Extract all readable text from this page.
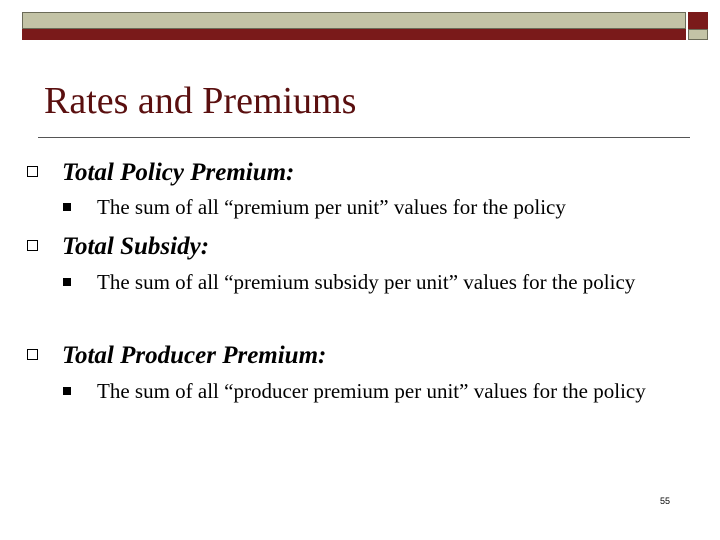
Rates and Premiums
Total Policy Premium:
The sum of all “premium per unit” values for the policy
Total Subsidy:
The sum of all “premium subsidy per unit” values for the policy
Total Producer Premium:
The sum of all “producer premium per unit” values for the policy
55
